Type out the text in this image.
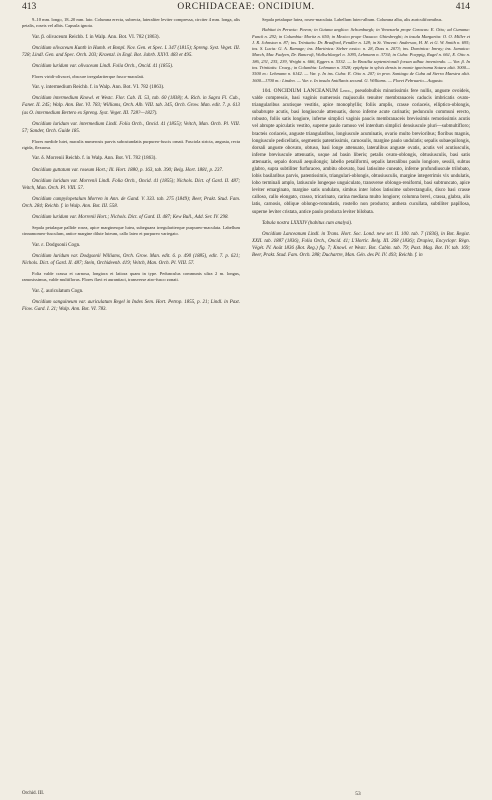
413	ORCHIDACEAE: ONCIDIUM.	414

9–10 mm. longo, 18–20 mm. lato. Columna erecta, subrecta, lateraliter leviter compressa, circiter 4 mm. longa, alis petalis, roseis vel albis. Capsula ignota.

Var. β. olivaceum Reichb. f. in Walp. Ann. Bot. VI. 782 (1863).

Oncidium olivaceum Kunth in Humb. et Bonpl. Nov. Gen. et Spec. I. 347 (1815); Spreng. Syst. Veget. III. 728; Lindl. Gen. and Spec. Orch. 203; Kraenzl. in Engl. Bot. Jahrb. XXVI. 483 et 495.

Oncidium luridum var. olivaceum Lindl. Folia Orch., Oncid. 41 (1855).

Flores viridi-olivacei, obscure irregulariterque fusco-maculati.

Var. γ. intermedium Reichb. f. in Walp. Ann. Bot. VI. 782 (1863).

Oncidium intermedium Knowl. et Westc. Flor. Cab. II. 53, tab. 60 (1838); A. Rich. in Sagra Fl. Cub., Faner. II. 245; Walp. Ann. Bot. VI. 783; Williams, Orch. Alb. VIII. tab. 345, Orch. Grow. Man. edit. 7. p. 613 (as O. intermedium Bertero ex Spreng. Syst. Veget. III. 728?—1827).

Oncidium luridum var. intermedium Lindl. Folia Orch., Oncid. 41 (1855); Veitch, Man. Orch. Pl. VIII. 57; Sander, Orch. Guide 185.

Flores medide lutei, maculis numerosis parvis subcutundatis purpureo-fuscis ornati. Fasciola stricta, angusta, recta rigida, flexuosa.

Var. δ. Morrenii Reichb. f. in Walp. Ann. Bot. VI. 782 (1863).

Oncidium guttatum var. roseum Hort.; Ill. Hort. 1880, p. 163, tab. 390; Belg. Hort. 1881, p. 237.

Oncidium luridum var. Morrenii Lindl. Folia Orch., Oncid. 41 (1855); Nichols. Dict. of Gard. II. 487; Veitch, Man. Orch. Pl. VIII. 57.

Oncidium campylopetalum Morren in Ann. de Gand. V. 333. tab. 275 (1849); Beer, Prakt. Stud. Fam. Orch. 284; Reichb. f. in Walp. Ann. Bot. III. 558.

Oncidium luridum var. Morrenii Hort.; Nichols. Dict. of Gard. II. 487; Kew Bull., Add. Ser. IV. 298.

Sepala petalaque pallide rosea, apice marginesque lutea, subeguaea irregulariterque purpureo-maculata. Labellum cinnamomeo-fusculum, antice margine dilute luteum, callo lateo et purpureo variegato.

Var. ε. Dodgsonii Cogn.

Oncidium luridum var. Dodgsonii Williams, Orch. Grow. Man. edit. 6. p. 490 (1885), edit. 7. p. 621; Nichols. Dict. of Gard. II. 487; Stein, Orchideenb. 419; Veitch, Man. Orch. Pl. VIII. 57.

Folia valde crassa et carnosa, longiora et latiora quam in type. Pedunculus communis ultra 2 m. longus, ramosissimus, valde multiflorus. Flores flavi et aurantiaci, transverse atro-fusco zonati.

Var. ζ. auriculatum Cogn.

Oncidium sanguineum var. auriculatum Regel in Index Sem. Hort. Petrop. 1855, p. 21; Lindl. in Paxt. Flow. Gard. I. 21; Walp. Ann. Bot. VI. 783.

Sepala petalaque lutea, roseo-maculata. Labellum luteo-album. Columna alba, alis auriculiformibus.

Habitat in Peruvia: Pavon; in Guiana anglica: Schomburgk; in Venezuela prope Caracas: E. Otto; ad Cumana: Funck n. 292; in Columbia: Moritz n. 650; in Mexico prope Oaxaca: Ghiesbreght; in insula Margarita: O. O. Miller et J. R. Johnston n. 87; ins. Trinitatis: Dr. Bradford, Fendler n. 128; in St. Vincent: Anderson, H. H. et G. W. Smith n. 695; ins. S. Lucia: G. A. Ramage; ins. Martinica: Sieber exsicc. n. 28, Duss n. 2073; ins. Dominica: Imray; ins. Jamaica: March, Mac Fadyen, Dr. Bancroft, Wullschlaegel n. 1095, Lehmann n. 3734; in Cuba: Poeppig, Rugel n. 661, E. Otto n. 186, 231, 235, 239, Wright n. 666, Eggers n. 5332. — In Brasilia septentrionali forsan adhuc inveniendo. — Var. β. In ins. Trinitatis: Crueg.; in Columbia: Lehmann n. 3528; epiphyta in sylvis densis in monte igneirama Sotara altit. 3000—3500 m.: Lehmann n. 6142. — Var. γ. In ins. Cuba: E. Otto n. 207; in prov. Santiago de Cuba ad Sierra Maestra altit. 1600—1700 m.: Linden. — Var. ε. In insula Antillanis secund. G. Williams. — Floret Februario—Augusto.

104. ONCIDIUM LANCEANUM Lindl., pseudobulbis minutissimis fere nullis, anguste ovoideis, valde compressis, basi vaginis numerosis majusculis tenuiter membranaceis caducis imbricatis ovato-triangularibus acutisque vestitis, apice monophyllis; foliis amplis, crasse coriaceis, elliptico-oblongis, subabrupte acutis, basi longiuscule attenuatis, dorso inferne acute carinatis; pedunculo communi erecto, robusto, foliis satis longiore, inferne simplici vaginis paucis membranaceis brevissimis remotissimis acutis vel abrupte apiculatis vestito, superne paulo ramoso vel interdum simplici densiuscule pluri—submultifloro; bracteis coriaceis, anguste triangularibus, longiuscule acuminatis, ovario multo brevioribus; floribus magnis, longiuscule pedicellatis, segmentis patentissimis, carnosulis, margine paulo undulatis; sepalis subaequilongis, dorsali anguste obovato, obtuso, basi longe attenuato, lateralibus anguste ovatis, acutis vel acutiusculis, inferne breviuscule attenuatis, usque ad basin liberis; petalis ovato-oblongis, obtusiusculis, basi satis attenuatis, sepalo dorsali aequilongis; labello petaliformi, sepalis lateralibus paulo longiore, sessili, subtus glabro, supra subtiliter furfuraceo, ambitu obovato, basi latissime cuneato, inferne profundiuscule trilobato, lobis basilaribus parvis, patentissimis, triangulari-oblongis, obtusiusculis, margine integerrimis vix undulatis, lobo terminali amplo, latiuscule longeque unguiculato, transverse oblongo-reniformi, basi subtruncato, apice leviter emarginato, margine satis undulato, simbus inter lobos latissime subrectangulis, disco basi crasse calloso, callo elongato, crasso, tricarinato, carina mediana multo longiore; columna brevi, crassa, glabra, alis latis, carnosis, oblique oblongo-rotundatis, rostello non producto; anthera cucullata, subtiliter papillosa, superne leviter cristata, antice paulo producta leviter bilobata.

Tabula nostra LXXXIV (habitus cum analysi).

Oncidium Lanceanum Lindl. in Trans. Hort. Soc. Lond. new ser. II. 100. tab. 7 (1836), in Bot. Regist. XXII. tab. 1887 (1836), Folia Orch., Oncid. 41; L'Hortic. Belg. III. 268 (1836); Drapiez, Encyclopr. Règn. Végét. IV. Août 1836 (Bot. Reg.) fig. 7; Knowl. et Westc. Bot. Cabin. tab. 79; Paxt. Mag. Bot. IV. tab. 169; Beer, Prakt. Stud. Fam. Orch. 288; Duchartre, Man. Gén. des Pl. IV. 493; Reichb. f. in

Orchid. III.	53
